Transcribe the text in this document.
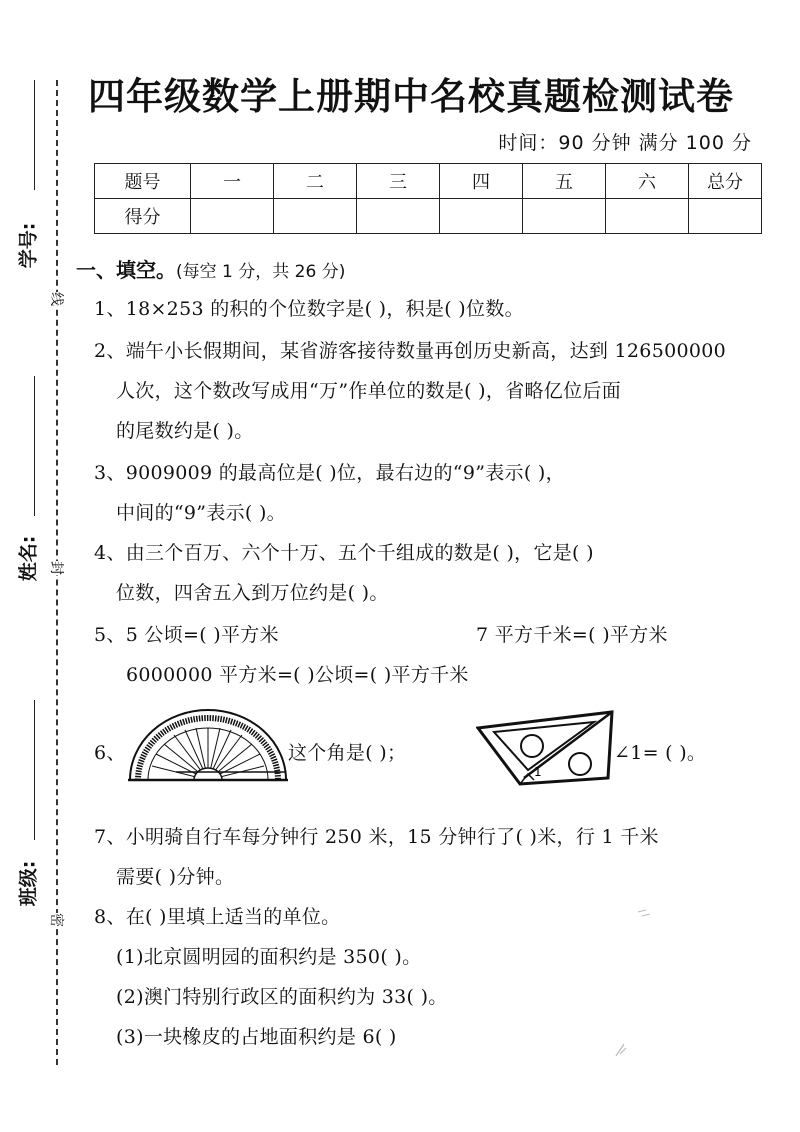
学号:
线
姓名: 封
班级:
密
四年级数学上册期中名校真题检测试卷
时间：90 分钟 满分 100 分
题号	一	二	三	四	五	六	总分
得分							
一、填空。(每空 1 分，共 26 分)
1、18×253 的积的个位数字是( )，积是( )位数。
2、端午小长假期间，某省游客接待数量再创历史新高，达到 126500000
人次，这个数改写成用“万”作单位的数是( )，省略亿位后面
的尾数约是( )。
3、9009009 的最高位是( )位，最右边的“9”表示( )，
中间的“9”表示( )。
4、由三个百万、六个十万、五个千组成的数是( )，它是( )
位数，四舍五入到万位约是( )。
5、5 公顷=( )平方米	7 平方千米=( )平方米
6000000 平方米=( )公顷=( )平方千米
6、	这个角是( )；
1
∠1= ( )。
7、小明骑自行车每分钟行 250 米，15 分钟行了( )米，行 1 千米
需要( )分钟。
8、在( )里填上适当的单位。
(1)北京圆明园的面积约是 350( )。
(2)澳门特别行政区的面积约为 33( )。
(3)一块橡皮的占地面积约是 6( )
